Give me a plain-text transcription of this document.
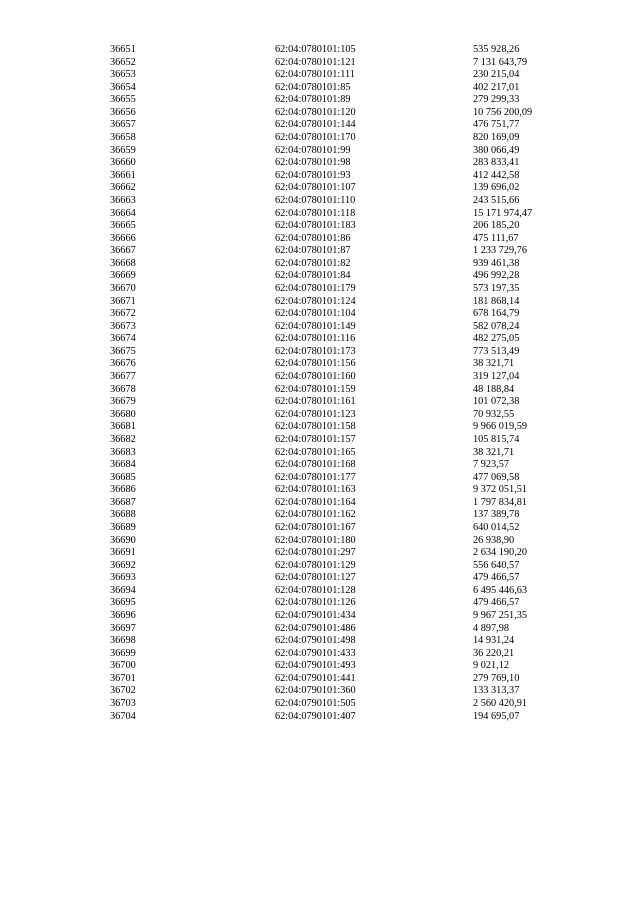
36651	62:04:0780101:105	535 928,26
36652	62:04:0780101:121	7 131 643,79
36653	62:04:0780101:111	230 215,04
36654	62:04:0780101:85	402 217,01
36655	62:04:0780101:89	279 299,33
36656	62:04:0780101:120	10 756 200,09
36657	62:04:0780101:144	476 751,77
36658	62:04:0780101:170	820 169,09
36659	62:04:0780101:99	380 066,49
36660	62:04:0780101:98	283 833,41
36661	62:04:0780101:93	412 442,58
36662	62:04:0780101:107	139 696,02
36663	62:04:0780101:110	243 515,66
36664	62:04:0780101:118	15 171 974,47
36665	62:04:0780101:183	206 185,20
36666	62:04:0780101:86	475 111,67
36667	62:04:0780101:87	1 233 729,76
36668	62:04:0780101:82	939 461,38
36669	62:04:0780101:84	496 992,28
36670	62:04:0780101:179	573 197,35
36671	62:04:0780101:124	181 868,14
36672	62:04:0780101:104	678 164,79
36673	62:04:0780101:149	582 078,24
36674	62:04:0780101:116	482 275,05
36675	62:04:0780101:173	773 513,49
36676	62:04:0780101:156	38 321,71
36677	62:04:0780101:160	319 127,04
36678	62:04:0780101:159	48 188,84
36679	62:04:0780101:161	101 072,38
36680	62:04:0780101:123	70 932,55
36681	62:04:0780101:158	9 966 019,59
36682	62:04:0780101:157	105 815,74
36683	62:04:0780101:165	38 321,71
36684	62:04:0780101:168	7 923,57
36685	62:04:0780101:177	477 069,58
36686	62:04:0780101:163	9 372 051,51
36687	62:04:0780101:164	1 797 834,81
36688	62:04:0780101:162	137 389,78
36689	62:04:0780101:167	640 014,52
36690	62:04:0780101:180	26 938,90
36691	62:04:0780101:297	2 634 190,20
36692	62:04:0780101:129	556 640,57
36693	62:04:0780101:127	479 466,57
36694	62:04:0780101:128	6 495 446,63
36695	62:04:0780101:126	479 466,57
36696	62:04:0790101:434	9 967 251,35
36697	62:04:0790101:486	4 897,98
36698	62:04:0790101:498	14 931,24
36699	62:04:0790101:433	36 220,21
36700	62:04:0790101:493	9 021,12
36701	62:04:0790101:441	279 769,10
36702	62:04:0790101:360	133 313,37
36703	62:04:0790101:505	2 560 420,91
36704	62:04:0790101:407	194 695,07
